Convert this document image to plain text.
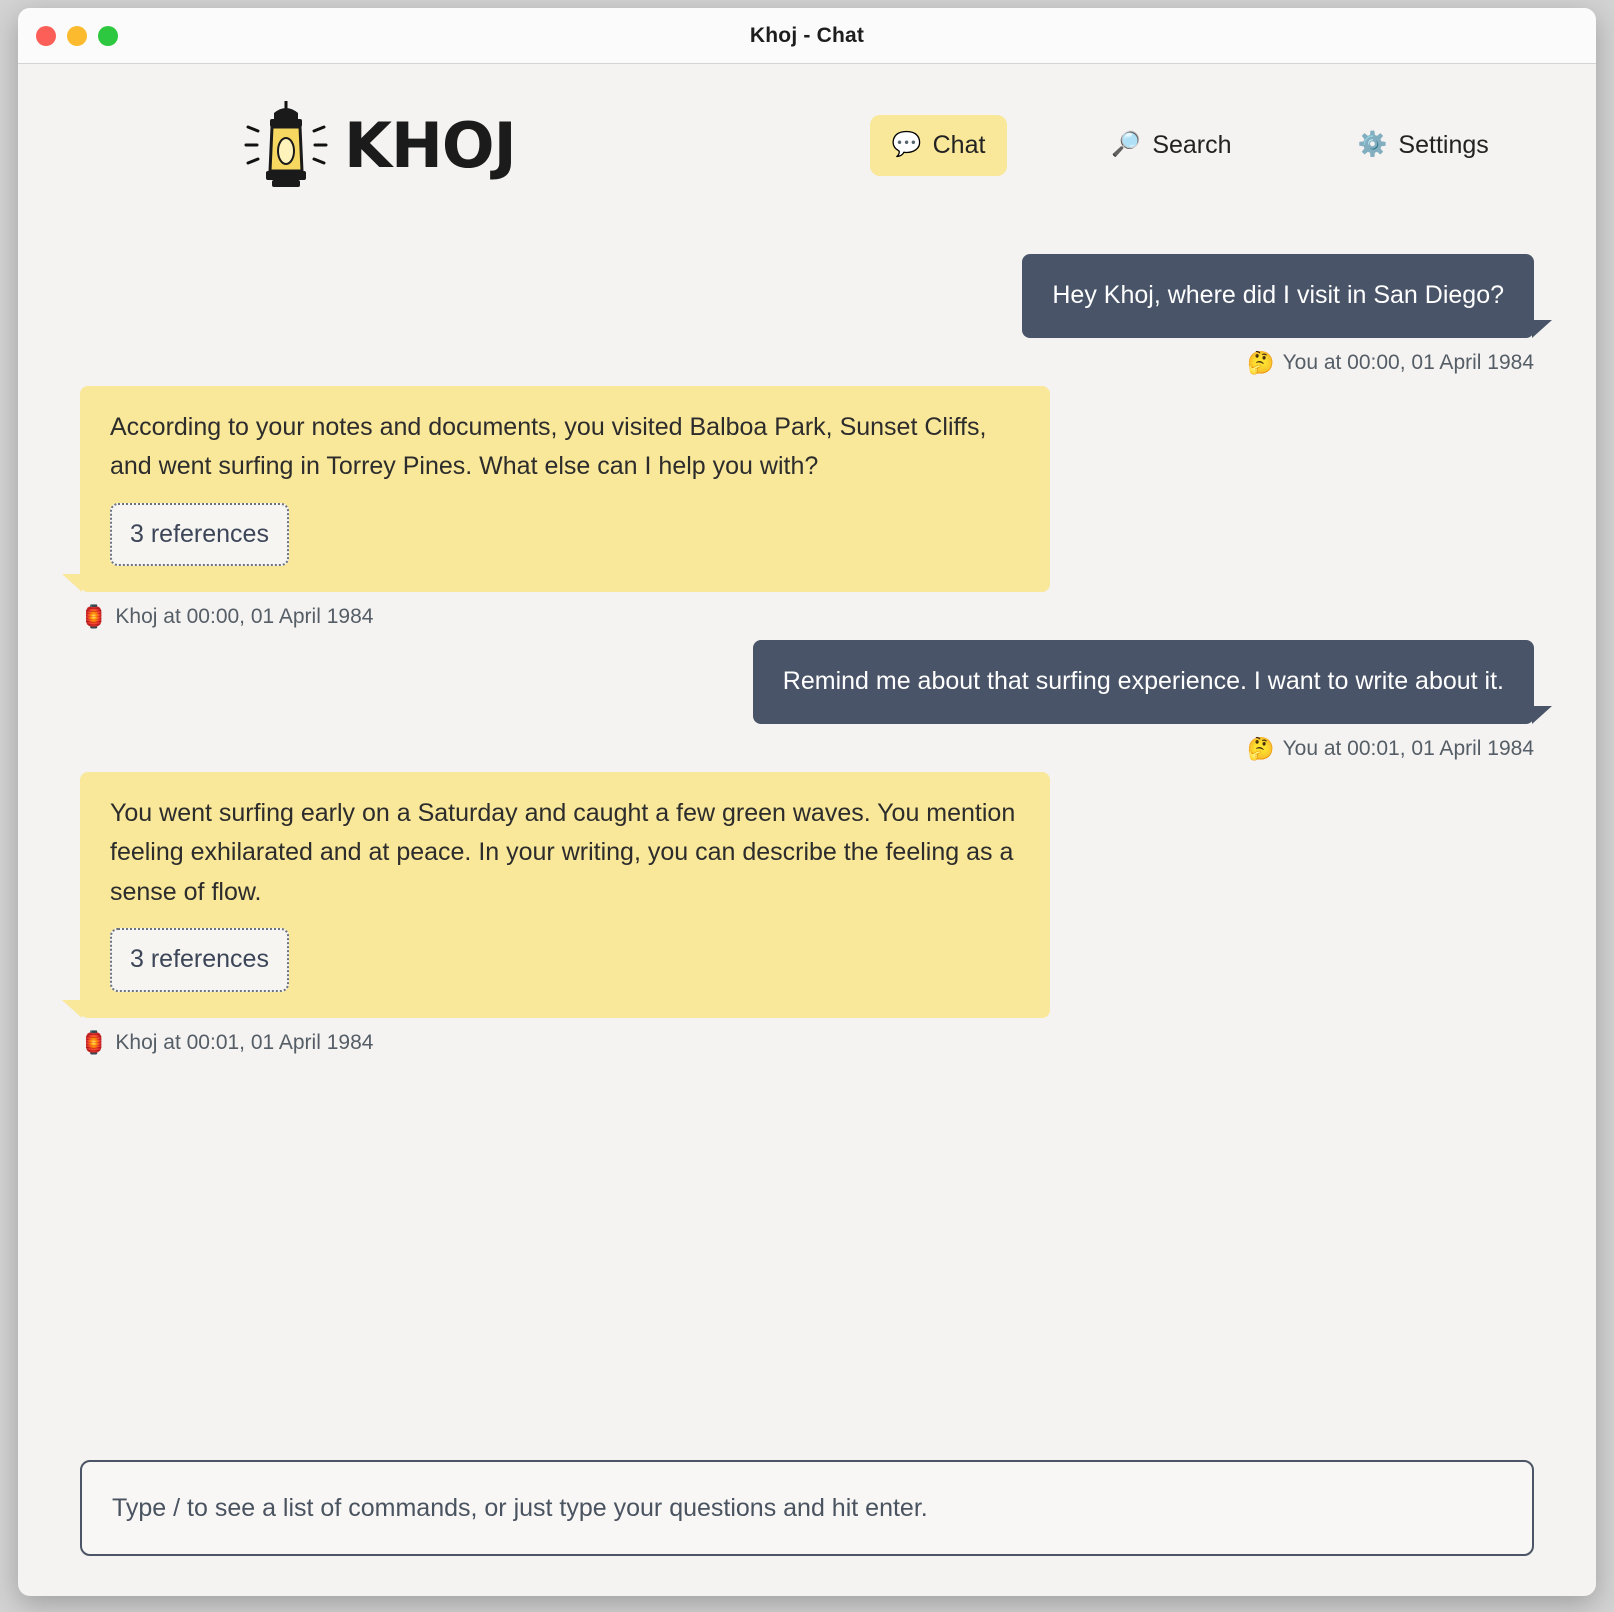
Khoj - Chat
KHOJ	💬 Chat	🔎 Search	⚙️ Settings
Hey Khoj, where did I visit in San Diego?
🤔 You at 00:00, 01 April 1984
According to your notes and documents, you visited Balboa Park, Sunset Cliffs, and went surfing in Torrey Pines. What else can I help you with?
3 references
🏮 Khoj at 00:00, 01 April 1984
Remind me about that surfing experience. I want to write about it.
🤔 You at 00:01, 01 April 1984
You went surfing early on a Saturday and caught a few green waves. You mention feeling exhilarated and at peace. In your writing, you can describe the feeling as a sense of flow.
3 references
🏮 Khoj at 00:01, 01 April 1984
Type / to see a list of commands, or just type your questions and hit enter.
